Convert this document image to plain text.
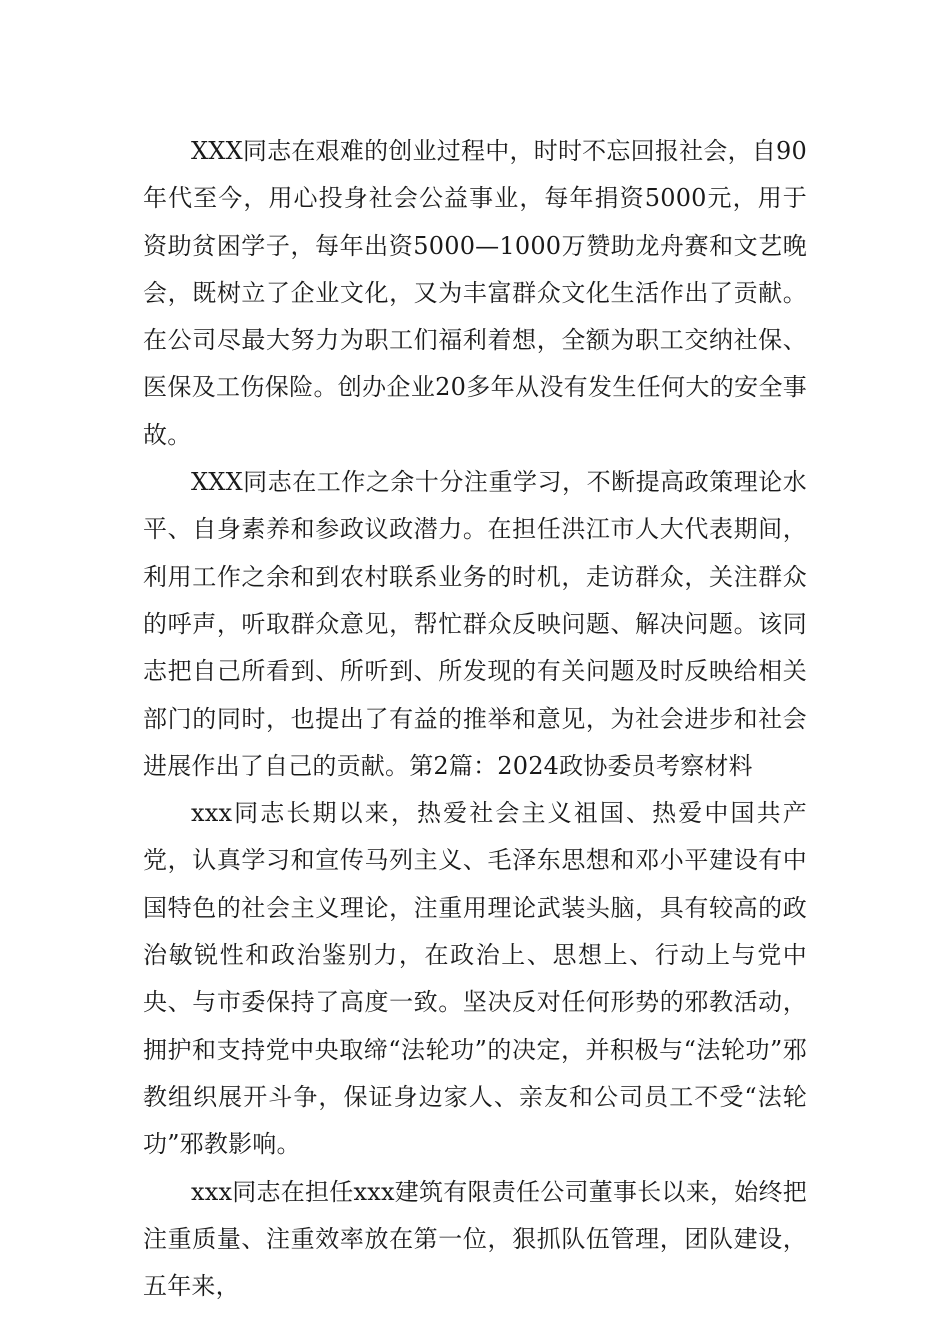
XXX同志在艰难的创业过程中，时时不忘回报社会，自90年代至今，用心投身社会公益事业，每年捐资5000元，用于资助贫困学子，每年出资5000—1000万赞助龙舟赛和文艺晚会，既树立了企业文化，又为丰富群众文化生活作出了贡献。在公司尽最大努力为职工们福利着想，全额为职工交纳社保、医保及工伤保险。创办企业20多年从没有发生任何大的安全事故。

XXX同志在工作之余十分注重学习，不断提高政策理论水平、自身素养和参政议政潜力。在担任洪江市人大代表期间，利用工作之余和到农村联系业务的时机，走访群众，关注群众的呼声，听取群众意见，帮忙群众反映问题、解决问题。该同志把自己所看到、所听到、所发现的有关问题及时反映给相关部门的同时，也提出了有益的推举和意见，为社会进步和社会进展作出了自己的贡献。第2篇：2024政协委员考察材料

xxx同志长期以来，热爱社会主义祖国、热爱中国共产党，认真学习和宣传马列主义、毛泽东思想和邓小平建设有中国特色的社会主义理论，注重用理论武装头脑，具有较高的政治敏锐性和政治鉴别力，在政治上、思想上、行动上与党中央、与市委保持了高度一致。坚决反对任何形势的邪教活动，拥护和支持党中央取缔“法轮功”的决定，并积极与“法轮功”邪教组织展开斗争，保证身边家人、亲友和公司员工不受“法轮功”邪教影响。

xxx同志在担任xxx建筑有限责任公司董事长以来，始终把注重质量、注重效率放在第一位，狠抓队伍管理，团队建设，五年来，
